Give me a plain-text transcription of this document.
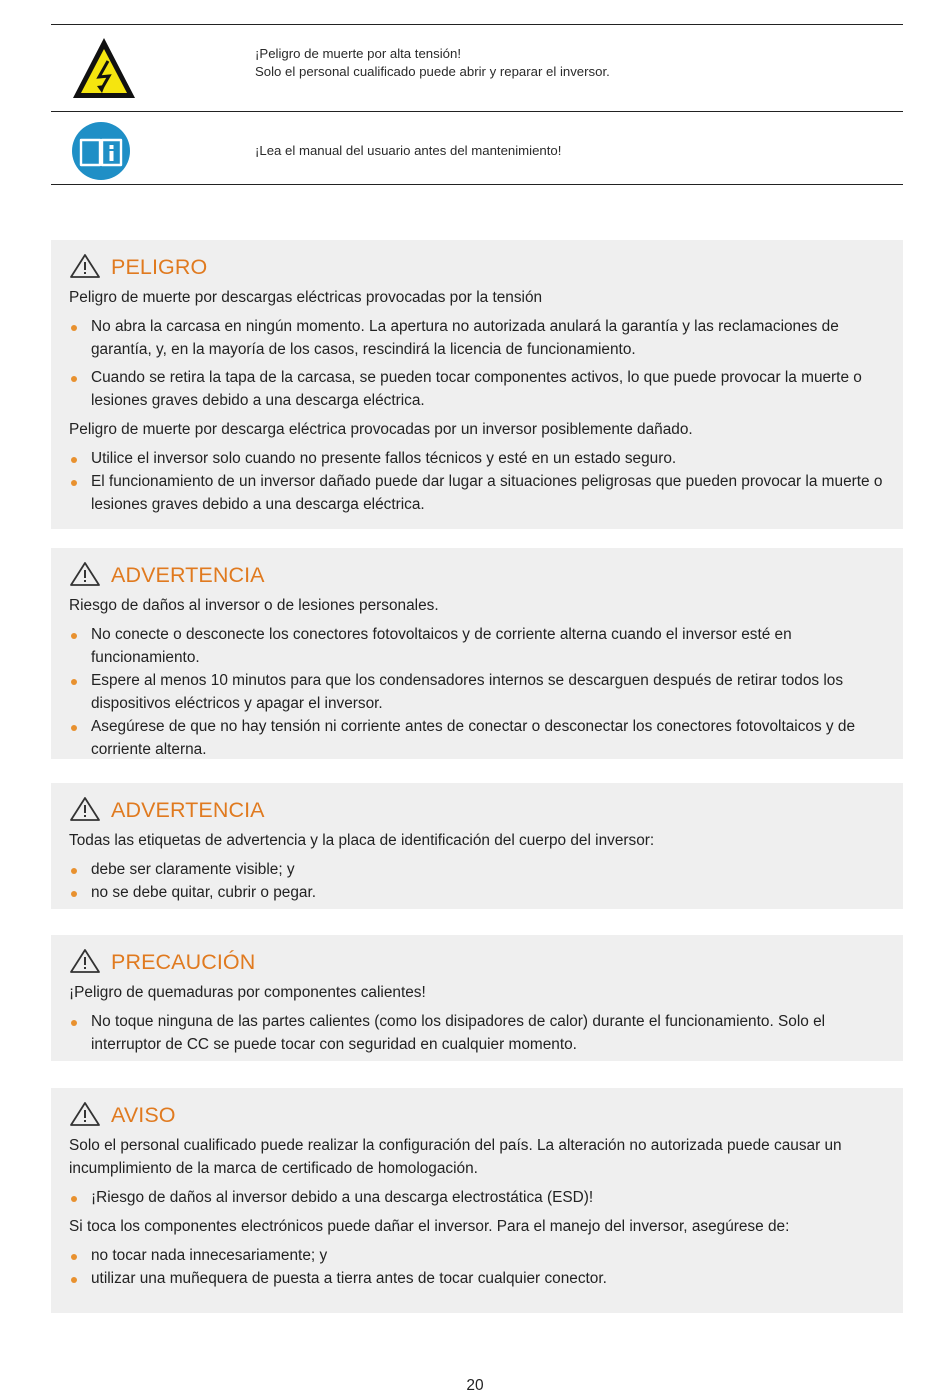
¡Peligro de muerte por alta tensión!
Solo el personal cualificado puede abrir y reparar el inversor.
¡Lea el manual del usuario antes del mantenimiento!
PELIGRO

Peligro de muerte por descargas eléctricas provocadas por la tensión

No abra la carcasa en ningún momento. La apertura no autorizada anulará la garantía y las reclamaciones de garantía, y, en la mayoría de los casos, rescindirá la licencia de funcionamiento.
Cuando se retira la tapa de la carcasa, se pueden tocar componentes activos, lo que puede provocar la muerte o lesiones graves debido a una descarga eléctrica.

Peligro de muerte por descarga eléctrica provocadas por un inversor posiblemente dañado.

Utilice el inversor solo cuando no presente fallos técnicos y esté en un estado seguro.
El funcionamiento de un inversor dañado puede dar lugar a situaciones peligrosas que pueden provocar la muerte o lesiones graves debido a una descarga eléctrica.
ADVERTENCIA

Riesgo de daños al inversor o de lesiones personales.

No conecte o desconecte los conectores fotovoltaicos y de corriente alterna cuando el inversor esté en funcionamiento.
Espere al menos 10 minutos para que los condensadores internos se descarguen después de retirar todos los dispositivos eléctricos y apagar el inversor.
Asegúrese de que no hay tensión ni corriente antes de conectar o desconectar los conectores fotovoltaicos y de corriente alterna.
ADVERTENCIA

Todas las etiquetas de advertencia y la placa de identificación del cuerpo del inversor:

debe ser claramente visible; y
no se debe quitar, cubrir o pegar.
PRECAUCIÓN

¡Peligro de quemaduras por componentes calientes!

No toque ninguna de las partes calientes (como los disipadores de calor) durante el funcionamiento. Solo el interruptor de CC se puede tocar con seguridad en cualquier momento.
AVISO

Solo el personal cualificado puede realizar la configuración del país. La alteración no autorizada puede causar un incumplimiento de la marca de certificado de homologación.

¡Riesgo de daños al inversor debido a una descarga electrostática (ESD)!

Si toca los componentes electrónicos puede dañar el inversor. Para el manejo del inversor, asegúrese de:

no tocar nada innecesariamente; y
utilizar una muñequera de puesta a tierra antes de tocar cualquier conector.
20
